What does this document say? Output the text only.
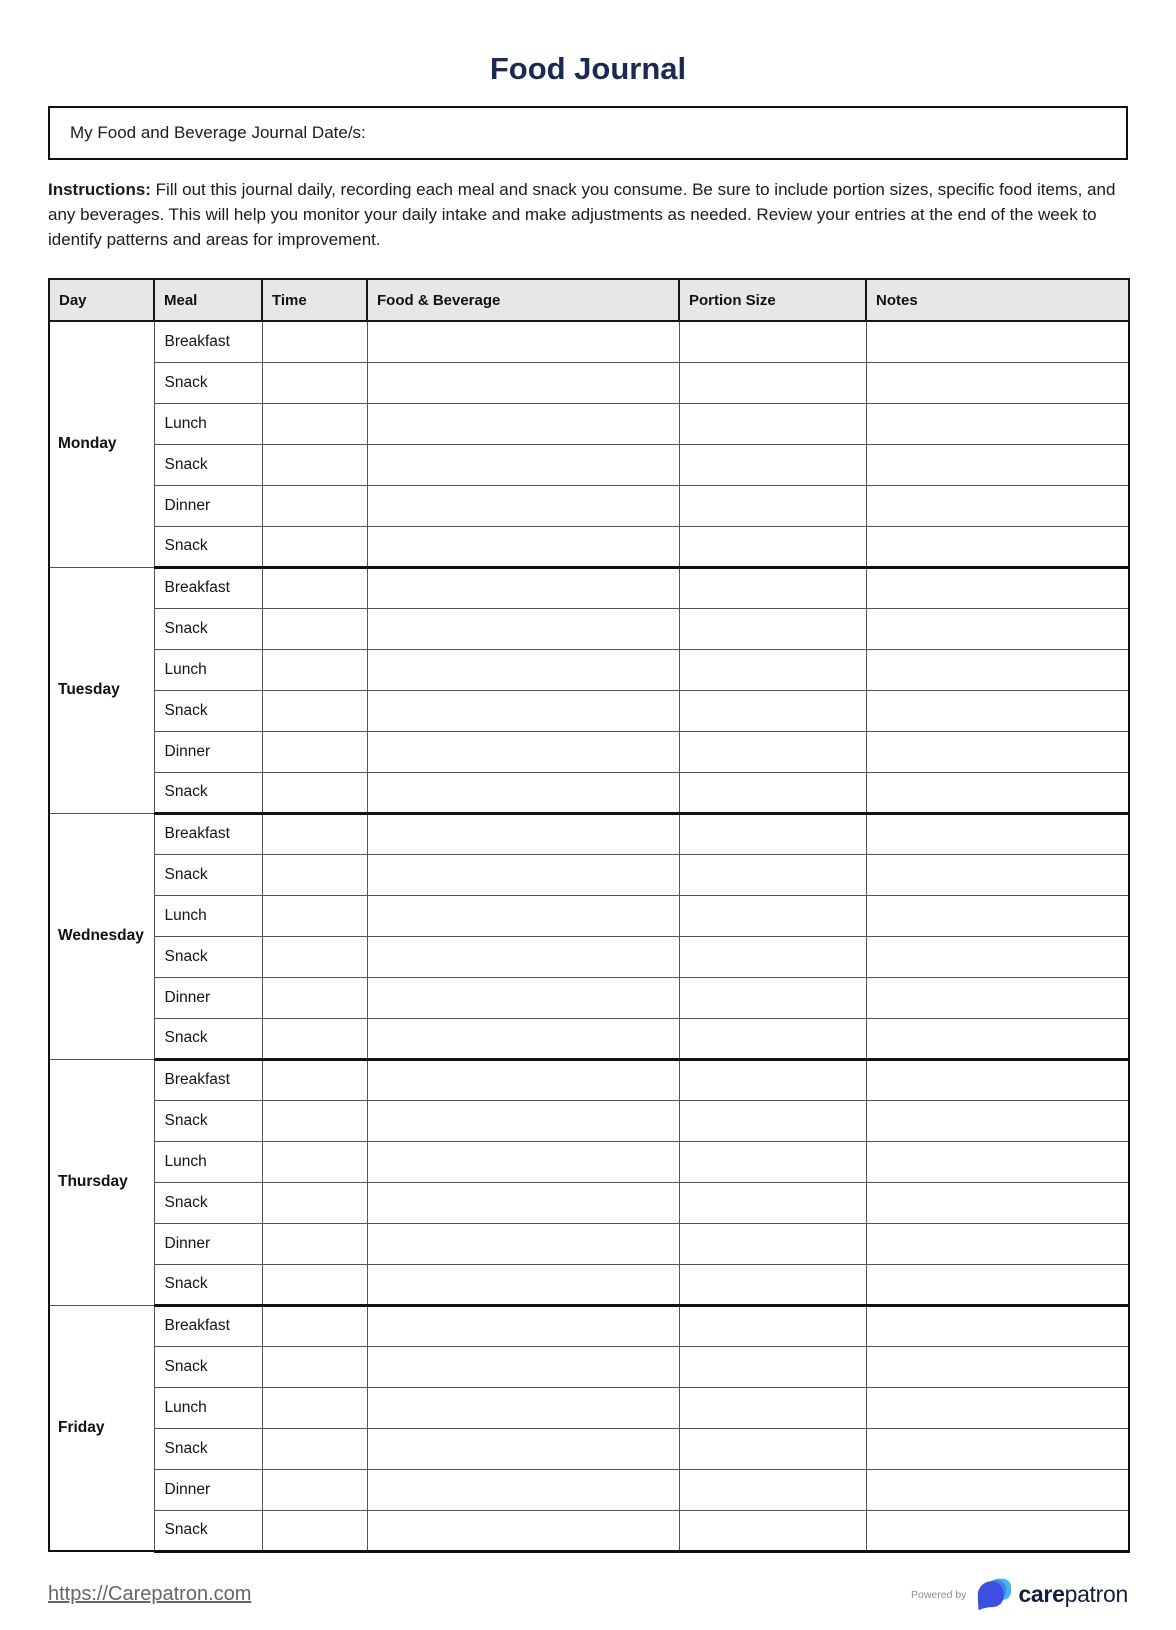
Food Journal
My Food and Beverage Journal Date/s:

Instructions: Fill out this journal daily, recording each meal and snack you consume. Be sure to include portion sizes, specific food items, and any beverages. This will help you monitor your daily intake and make adjustments as needed. Review your entries at the end of the week to identify patterns and areas for improvement.

Day	Meal	Time	Food & Beverage	Portion Size	Notes
Monday	Breakfast				
	Snack				
	Lunch				
	Snack				
	Dinner				
	Snack				
Tuesday	Breakfast				
	Snack				
	Lunch				
	Snack				
	Dinner				
	Snack				
Wednesday	Breakfast				
	Snack				
	Lunch				
	Snack				
	Dinner				
	Snack				
Thursday	Breakfast				
	Snack				
	Lunch				
	Snack				
	Dinner				
	Snack				
Friday	Breakfast				
	Snack				
	Lunch				
	Snack				
	Dinner				
	Snack				
https://Carepatron.com	Powered by carepatron
